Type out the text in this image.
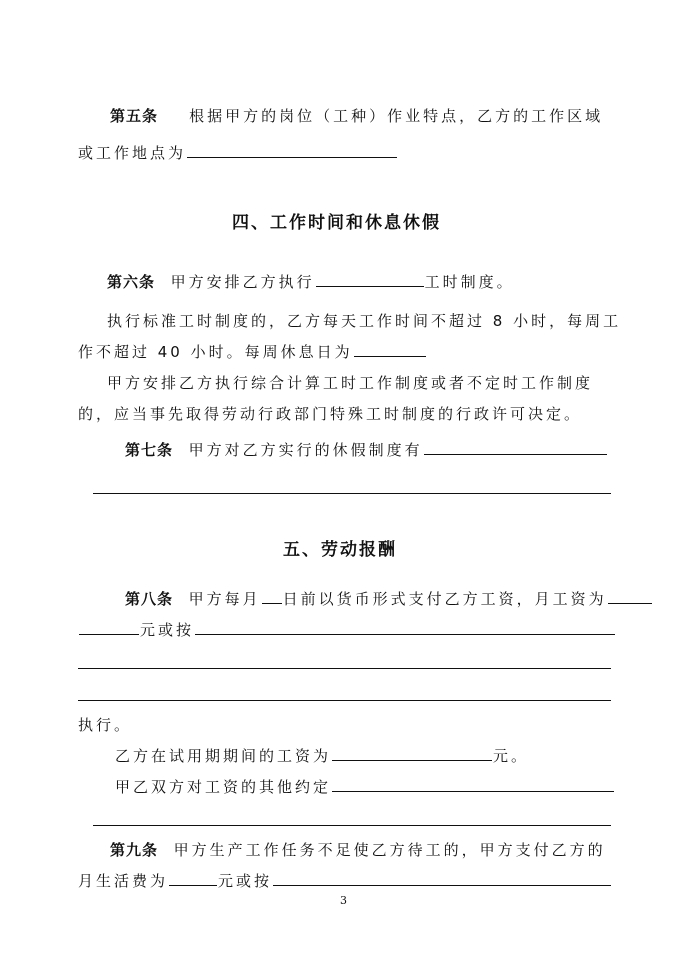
第五条 根据甲方的岗位（工种）作业特点，乙方的工作区域
或工作地点为
四、工作时间和休息休假
第六条 甲方安排乙方执行	工时制度。
执行标准工时制度的，乙方每天工作时间不超过 8 小时，每周工
作不超过 40 小时。每周休息日为
甲方安排乙方执行综合计算工时工作制度或者不定时工作制度
的，应当事先取得劳动行政部门特殊工时制度的行政许可决定。
第七条 甲方对乙方实行的休假制度有
五、劳动报酬
第八条 甲方每月 日前以货币形式支付乙方工资，月工资为
元或按
执行。
乙方在试用期期间的工资为	元。
甲乙双方对工资的其他约定
第九条 甲方生产工作任务不足使乙方待工的，甲方支付乙方的
月生活费为	元或按
3
